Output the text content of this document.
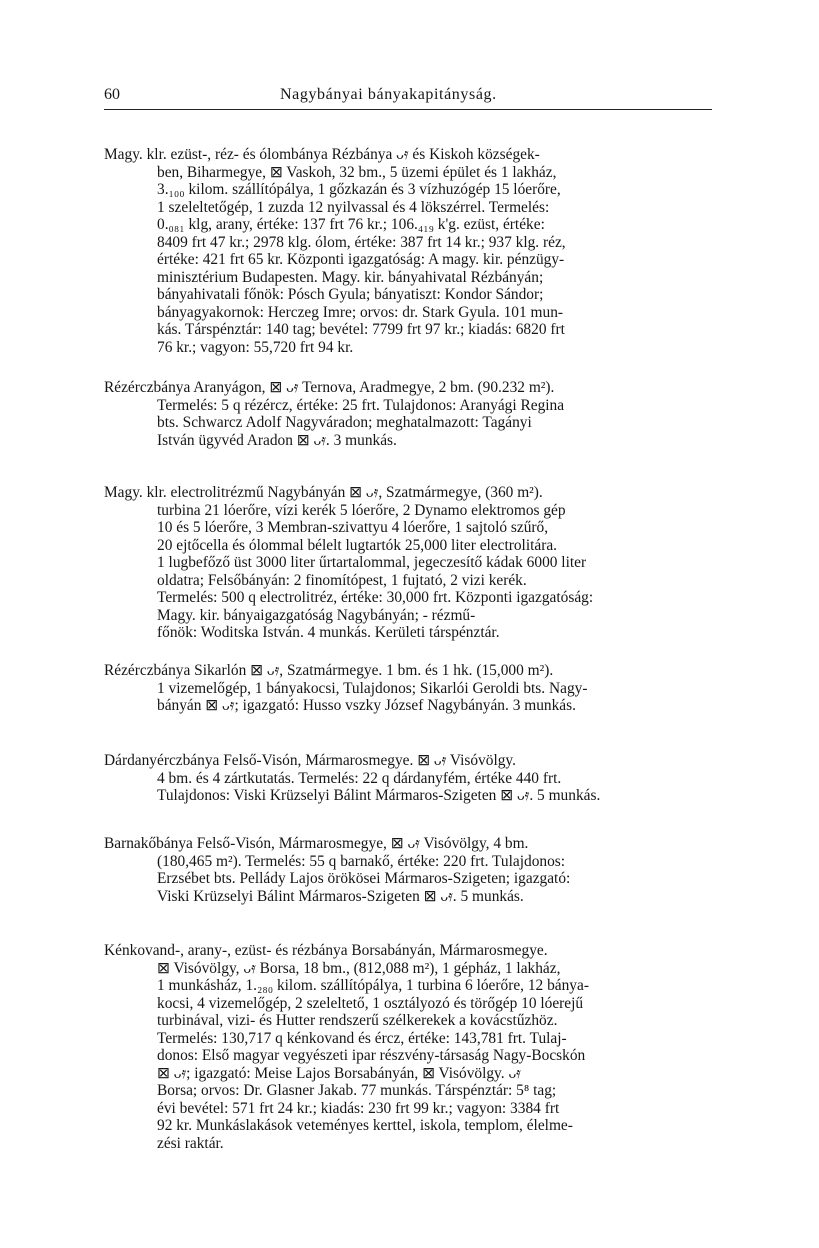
60	Nagybányai bányakapitányság.
Magy. klr. ezüst-, réz- és ólombánya Rézbánya ᴗ𝄿 és Kiskoh községek-
ben, Biharmegye, ⊠ Vaskoh, 32 bm., 5 üzemi épület és 1 lakház,
3.₁₀₀ kilom. szállítópálya, 1 gőzkazán és 3 vízhuzógép 15 lóerőre,
1 szeleltetőgép, 1 zuzda 12 nyilvassal és 4 lökszérrel. Termelés:
0.₀₈₁ klg, arany, értéke: 137 frt 76 kr.; 106.₄₁₉ k'g. ezüst, értéke:
8409 frt 47 kr.; 2978 klg. ólom, értéke: 387 frt 14 kr.; 937 klg. réz,
értéke: 421 frt 65 kr. Központi igazgatóság: A magy. kir. pénzügy-
minisztérium Budapesten. Magy. kir. bányahivatal Rézbányán;
bányahivatali főnök: Pósch Gyula; bányatiszt: Kondor Sándor;
bányagyakornok: Herczeg Imre; orvos: dr. Stark Gyula. 101 mun-
kás. Társpénztár: 140 tag; bevétel: 7799 frt 97 kr.; kiadás: 6820 frt
76 kr.; vagyon: 55,720 frt 94 kr.
Rézérczbánya Aranyágon, ⊠ ᴗ𝄿 Ternova, Aradmegye, 2 bm. (90.232 m²).
Termelés: 5 q rézércz, értéke: 25 frt. Tulajdonos: Aranyági Regina
bts. Schwarcz Adolf Nagyváradon; meghatalmazott: Tagányi
István ügyvéd Aradon ⊠ ᴗ𝄿. 3 munkás.
Magy. klr. electrolitrézmű Nagybányán ⊠ ᴗ𝄿, Szatmármegye, (360 m²).
turbina 21 lóerőre, vízi kerék 5 lóerőre, 2 Dynamo elektromos gép
10 és 5 lóerőre, 3 Membran-szivattyu 4 lóerőre, 1 sajtoló szűrő,
20 ejtőcella és ólommal bélelt lugtartók 25,000 liter electrolitára.
1 lugbefőző üst 3000 liter űrtartalommal, jegeczesítő kádak 6000 liter
oldatra; Felsőbányán: 2 finomítópest, 1 fujtató, 2 vizi kerék.
Termelés: 500 q electrolitréz, értéke: 30,000 frt. Központi igazgatóság:
Magy. kir. bányaigazgatóság Nagybányán; - rézmű-
főnök: Woditska István. 4 munkás. Kerületi társpénztár.
Rézérczbánya Sikarlón ⊠ ᴗ𝄿, Szatmármegye. 1 bm. és 1 hk. (15,000 m²).
1 vizemelőgép, 1 bányakocsi, Tulajdonos; Sikarlói Geroldi bts. Nagy-
bányán ⊠ ᴗ𝄿; igazgató: Husso vszky József Nagybányán. 3 munkás.
Dárdanyérczbánya Felső-Visón, Mármarosmegye. ⊠ ᴗ𝄿 Visóvölgy.
4 bm. és 4 zártkutatás. Termelés: 22 q dárdanyfém, értéke 440 frt.
Tulajdonos: Viski Krüzselyi Bálint Mármaros-Szigeten ⊠ ᴗ𝄿. 5 munkás.
Barnakőbánya Felső-Visón, Mármarosmegye, ⊠ ᴗ𝄿 Visóvölgy, 4 bm.
(180,465 m²). Termelés: 55 q barnakő, értéke: 220 frt. Tulajdonos:
Erzsébet bts. Pellády Lajos örökösei Mármaros-Szigeten; igazgató:
Viski Krüzselyi Bálint Mármaros-Szigeten ⊠ ᴗ𝄿. 5 munkás.
Kénkovand-, arany-, ezüst- és rézbánya Borsabányán, Mármarosmegye.
⊠ Visóvölgy, ᴗ𝄿 Borsa, 18 bm., (812,088 m²), 1 gépház, 1 lakház,
1 munkásház, 1.₂₈₀ kilom. szállítópálya, 1 turbina 6 lóerőre, 12 bánya-
kocsi, 4 vizemelőgép, 2 szeleltető, 1 osztályozó és törőgép 10 lóerejű
turbinával, vizi- és Hutter rendszerű szélkerekek a kovácstűzhöz.
Termelés: 130,717 q kénkovand és ércz, értéke: 143,781 frt. Tulaj-
donos: Első magyar vegyészeti ipar részvény-társaság Nagy-Bocskón
⊠ ᴗ𝄿; igazgató: Meise Lajos Borsabányán, ⊠ Visóvölgy. ᴗ𝄿
Borsa; orvos: Dr. Glasner Jakab. 77 munkás. Társpénztár: 5⁸ tag;
évi bevétel: 571 frt 24 kr.; kiadás: 230 frt 99 kr.; vagyon: 3384 frt
92 kr. Munkáslakások veteményes kerttel, iskola, templom, élelme-
zési raktár.
